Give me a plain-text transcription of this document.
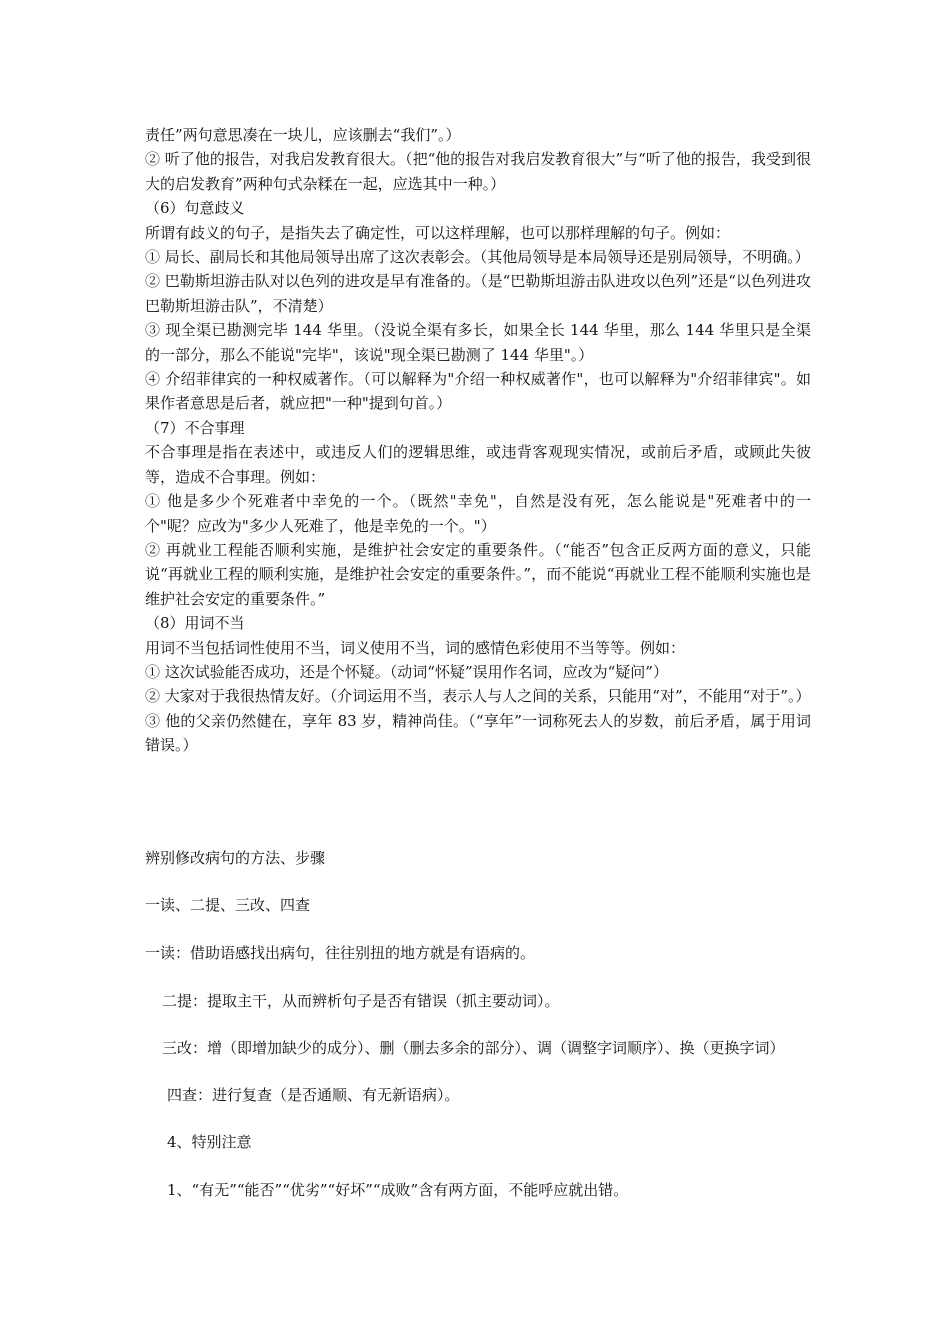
责任”两句意思凑在一块儿，应该删去“我们”。）

② 听了他的报告，对我启发教育很大。（把“他的报告对我启发教育很大”与“听了他的报告，我受到很大的启发教育”两种句式杂糅在一起，应选其中一种。）

（6）句意歧义

所谓有歧义的句子，是指失去了确定性，可以这样理解，也可以那样理解的句子。例如：

① 局长、副局长和其他局领导出席了这次表彰会。（其他局领导是本局领导还是别局领导，不明确。）

② 巴勒斯坦游击队对以色列的进攻是早有准备的。（是“巴勒斯坦游击队进攻以色列”还是“以色列进攻巴勒斯坦游击队”，不清楚）

③ 现全渠已勘测完毕 144 华里。（没说全渠有多长，如果全长 144 华里，那么 144 华里只是全渠的一部分，那么不能说"完毕"，该说"现全渠已勘测了 144 华里"。）

④ 介绍菲律宾的一种权威著作。（可以解释为"介绍一种权威著作"，也可以解释为"介绍菲律宾"。如果作者意思是后者，就应把"一种"提到句首。）

（7）不合事理

不合事理是指在表述中，或违反人们的逻辑思维，或违背客观现实情况，或前后矛盾，或顾此失彼等，造成不合事理。例如：

① 他是多少个死难者中幸免的一个。（既然"幸免"，自然是没有死，怎么能说是"死难者中的一个"呢？应改为"多少人死难了，他是幸免的一个。"）

② 再就业工程能否顺利实施，是维护社会安定的重要条件。（“能否”包含正反两方面的意义，只能说“再就业工程的顺利实施，是维护社会安定的重要条件。”，而不能说“再就业工程不能顺利实施也是维护社会安定的重要条件。”

（8）用词不当

用词不当包括词性使用不当，词义使用不当，词的感情色彩使用不当等等。例如：

① 这次试验能否成功，还是个怀疑。（动词“怀疑”误用作名词，应改为“疑问”）

② 大家对于我很热情友好。（介词运用不当，表示人与人之间的关系，只能用“对”，不能用“对于”。）

③ 他的父亲仍然健在，享年 83 岁，精神尚佳。（“享年”一词称死去人的岁数，前后矛盾，属于用词错误。）

辨别修改病句的方法、步骤

一读、二提、三改、四查

一读：借助语感找出病句，往往别扭的地方就是有语病的。

二提：提取主干，从而辨析句子是否有错误（抓主要动词）。

三改：增（即增加缺少的成分）、删（删去多余的部分）、调（调整字词顺序）、换（更换字词）

四查：进行复查（是否通顺、有无新语病）。

4、特别注意

1、“有无”“能否”“优劣”“好坏”“成败”含有两方面，不能呼应就出错。
